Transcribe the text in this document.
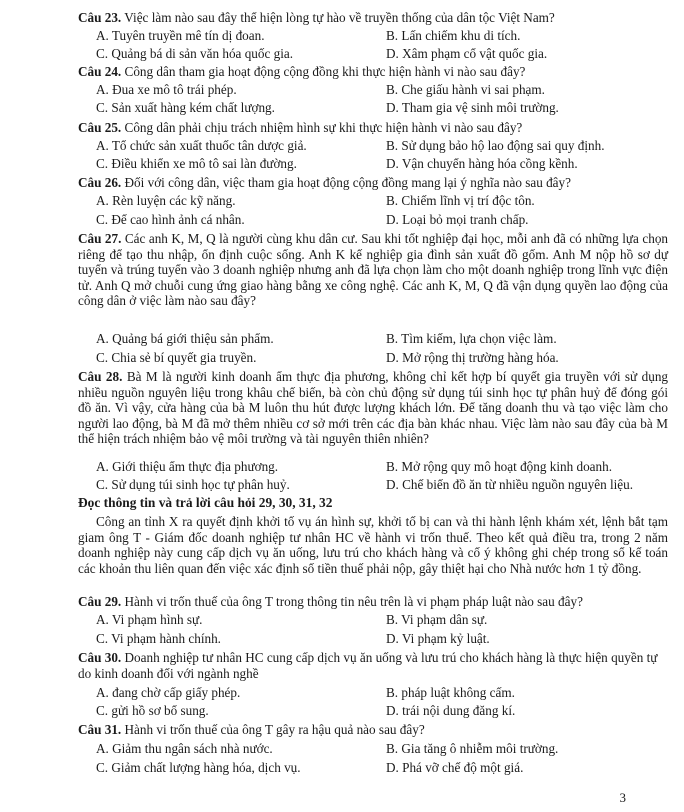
Câu 23. Việc làm nào sau đây thể hiện lòng tự hào về truyền thống của dân tộc Việt Nam?
A. Tuyên truyền mê tín dị đoan.	B. Lấn chiếm khu di tích.
C. Quảng bá di sản văn hóa quốc gia.	D. Xâm phạm cổ vật quốc gia.
Câu 24. Công dân tham gia hoạt động cộng đồng khi thực hiện hành vi nào sau đây?
A. Đua xe mô tô trái phép.	B. Che giấu hành vi sai phạm.
C. Sản xuất hàng kém chất lượng.	D. Tham gia vệ sinh môi trường.
Câu 25. Công dân phải chịu trách nhiệm hình sự khi thực hiện hành vi nào sau đây?
A. Tổ chức sản xuất thuốc tân dược giả.	B. Sử dụng bảo hộ lao động sai quy định.
C. Điều khiển xe mô tô sai làn đường.	D. Vận chuyển hàng hóa cồng kềnh.
Câu 26. Đối với công dân, việc tham gia hoạt động cộng đồng mang lại ý nghĩa nào sau đây?
A. Rèn luyện các kỹ năng.	B. Chiếm lĩnh vị trí độc tôn.
C. Để cao hình ảnh cá nhân.	D. Loại bỏ mọi tranh chấp.
Câu 27. Các anh K, M, Q là người cùng khu dân cư. Sau khi tốt nghiệp đại học, mỗi anh đã có những lựa chọn riêng để tạo thu nhập, ổn định cuộc sống. Anh K kế nghiệp gia đình sản xuất đồ gốm. Anh M nộp hồ sơ dự tuyển và trúng tuyển vào 3 doanh nghiệp nhưng anh đã lựa chọn làm cho một doanh nghiệp trong lĩnh vực điện tử. Anh Q mở chuỗi cung ứng giao hàng bằng xe công nghệ. Các anh K, M, Q đã vận dụng quyền lao động của công dân ở việc làm nào sau đây?
A. Quảng bá giới thiệu sản phẩm.	B. Tìm kiếm, lựa chọn việc làm.
C. Chia sẻ bí quyết gia truyền.	D. Mở rộng thị trường hàng hóa.
Câu 28. Bà M là người kinh doanh ẩm thực địa phương, không chỉ kết hợp bí quyết gia truyền với sử dụng nhiều nguồn nguyên liệu trong khâu chế biến, bà còn chủ động sử dụng túi sinh học tự phân huỷ để đóng gói đồ ăn. Vì vậy, cửa hàng của bà M luôn thu hút được lượng khách lớn. Để tăng doanh thu và tạo việc làm cho người lao động, bà M đã mở thêm nhiều cơ sở mới trên các địa bàn khác nhau. Việc làm nào sau đây của bà M thể hiện trách nhiệm bảo vệ môi trường và tài nguyên thiên nhiên?
A. Giới thiệu ẩm thực địa phương.	B. Mở rộng quy mô hoạt động kinh doanh.
C. Sử dụng túi sinh học tự phân huỷ.	D. Chế biến đồ ăn từ nhiều nguồn nguyên liệu.
Đọc thông tin và trả lời câu hỏi 29, 30, 31, 32
Công an tỉnh X ra quyết định khởi tố vụ án hình sự, khởi tố bị can và thi hành lệnh khám xét, lệnh bắt tạm giam ông T - Giám đốc doanh nghiệp tư nhân HC về hành vi trốn thuế. Theo kết quả điều tra, trong 2 năm doanh nghiệp này cung cấp dịch vụ ăn uống, lưu trú cho khách hàng và cố ý không ghi chép trong sổ kế toán các khoản thu liên quan đến việc xác định số tiền thuế phải nộp, gây thiệt hại cho Nhà nước hơn 1 tỷ đồng.
Câu 29. Hành vi trốn thuế của ông T trong thông tin nêu trên là vi phạm pháp luật nào sau đây?
A. Vi phạm hình sự.	B. Vi phạm dân sự.
C. Vi phạm hành chính.	D. Vi phạm kỷ luật.
Câu 30. Doanh nghiệp tư nhân HC cung cấp dịch vụ ăn uống và lưu trú cho khách hàng là thực hiện quyền tự do kinh doanh đối với ngành nghề
A. đang chờ cấp giấy phép.	B. pháp luật không cấm.
C. gửi hồ sơ bổ sung.	D. trái nội dung đăng kí.
Câu 31. Hành vi trốn thuế của ông T gây ra hậu quả nào sau đây?
A. Giảm thu ngân sách nhà nước.	B. Gia tăng ô nhiễm môi trường.
C. Giảm chất lượng hàng hóa, dịch vụ.	D. Phá vỡ chế độ một giá.
3
